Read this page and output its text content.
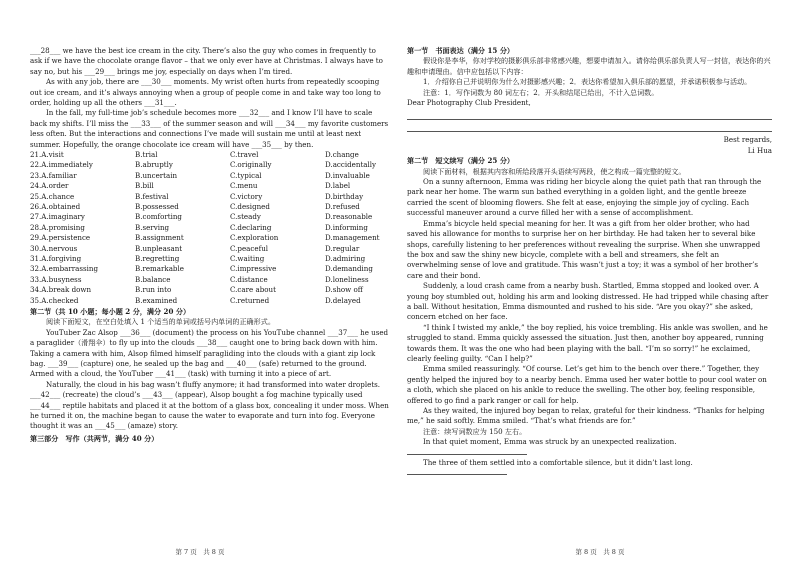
___28___ we have the best ice cream in the city. There’s also the guy who comes in frequently to ask if we have the chocolate orange flavor – that we only ever have at Christmas. I always have to say no, but his ___29___ brings me joy, especially on days when I’m tired.

As with any job, there are ___30___ moments. My wrist often hurts from repeatedly scooping out ice cream, and it’s always annoying when a group of people come in and take way too long to order, holding up all the others ___31___.

In the fall, my full-time job’s schedule becomes more ___32___ and I know I’ll have to scale back my shifts. I’ll miss the ___33___ of the summer season and will ___34___ my favorite customers less often. But the interactions and connections I’ve made will sustain me until at least next summer. Hopefully, the orange chocolate ice cream will have ___35___ by then.

21.A.visit	B.trial	C.travel	D.change
22.A.immediately	B.abruptly	C.originally	D.accidentally
23.A.familiar	B.uncertain	C.typical	D.invaluable
24.A.order	B.bill	C.menu	D.label
25.A.chance	B.festival	C.victory	D.birthday
26.A.obtained	B.possessed	C.designed	D.refused
27.A.imaginary	B.comforting	C.steady	D.reasonable
28.A.promising	B.serving	C.declaring	D.informing
29.A.persistence	B.assignment	C.exploration	D.management
30.A.nervous	B.unpleasant	C.peaceful	D.regular
31.A.forgiving	B.regretting	C.waiting	D.admiring
32.A.embarrassing	B.remarkable	C.impressive	D.demanding
33.A.busyness	B.balance	C.distance	D.loneliness
34.A.break down	B.run into	C.care about	D.show off
35.A.checked	B.examined	C.returned	D.delayed

第二节（共 10 小题；每小题 2 分，满分 20 分）

阅读下面短文，在空白处填入 1 个适当的单词或括号内单词的正确形式。

YouTuber Zac Alsop ___36___ (document) the process on his YouTube channel ___37___ he used a paraglider（滑翔伞）to fly up into the clouds ___38___ caught one to bring back down with him. Taking a camera with him, Alsop filmed himself paragliding into the clouds with a giant zip lock bag. ___39___ (capture) one, he sealed up the bag and ___40___ (safe) returned to the ground. Armed with a cloud, the YouTuber ___41___ (task) with turning it into a piece of art.

Naturally, the cloud in his bag wasn’t fluffy anymore; it had transformed into water droplets. ___42___ (recreate) the cloud’s ___43___ (appear), Alsop bought a fog machine typically used ___44___ reptile habitats and placed it at the bottom of a glass box, concealing it under moss. When he turned it on, the machine began to cause the water to evaporate and turn into fog. Everyone thought it was an ___45___ (amaze) story.

第三部分　写作（共两节，满分 40 分）

第 7 页　共 8 页

第一节　书面表达（满分 15 分）

假设你是李华，你对学校的摄影俱乐部非常感兴趣，想要申请加入。请你给俱乐部负责人写一封信，表达你的兴趣和申请理由。信中应包括以下内容：

1．介绍你自己并说明你为什么对摄影感兴趣；2．表达你希望加入俱乐部的愿望，并承诺积极参与活动。

注意：1．写作词数为 80 词左右；2．开头和结尾已给出，不计入总词数。

Dear Photography Club President,

Best regards,

Li Hua

第二节　短文续写（满分 25 分）

阅读下面材料，根据其内容和所给段落开头语续写两段，使之构成一篇完整的短文。

On a sunny afternoon, Emma was riding her bicycle along the quiet path that ran through the park near her home. The warm sun bathed everything in a golden light, and the gentle breeze carried the scent of blooming flowers. She felt at ease, enjoying the simple joy of cycling. Each successful maneuver around a curve filled her with a sense of accomplishment.

Emma’s bicycle held special meaning for her. It was a gift from her older brother, who had saved his allowance for months to surprise her on her birthday. He had taken her to several bike shops, carefully listening to her preferences without revealing the surprise. When she unwrapped the box and saw the shiny new bicycle, complete with a bell and streamers, she felt an overwhelming sense of love and gratitude. This wasn’t just a toy; it was a symbol of her brother’s care and their bond.

Suddenly, a loud crash came from a nearby bush. Startled, Emma stopped and looked over. A young boy stumbled out, holding his arm and looking distressed. He had tripped while chasing after a ball. Without hesitation, Emma dismounted and rushed to his side. “Are you okay?” she asked, concern etched on her face.

“I think I twisted my ankle,” the boy replied, his voice trembling. His ankle was swollen, and he struggled to stand. Emma quickly assessed the situation. Just then, another boy appeared, running towards them. It was the one who had been playing with the ball. “I’m so sorry!” he exclaimed, clearly feeling guilty. “Can I help?”

Emma smiled reassuringly. “Of course. Let’s get him to the bench over there.” Together, they gently helped the injured boy to a nearby bench. Emma used her water bottle to pour cool water on a cloth, which she placed on his ankle to reduce the swelling. The other boy, feeling responsible, offered to go find a park ranger or call for help.

As they waited, the injured boy began to relax, grateful for their kindness. “Thanks for helping me,” he said softly. Emma smiled. “That’s what friends are for.”

注意：续写词数应为 150 左右。

In that quiet moment, Emma was struck by an unexpected realization.

The three of them settled into a comfortable silence, but it didn’t last long.

第 8 页　共 8 页
